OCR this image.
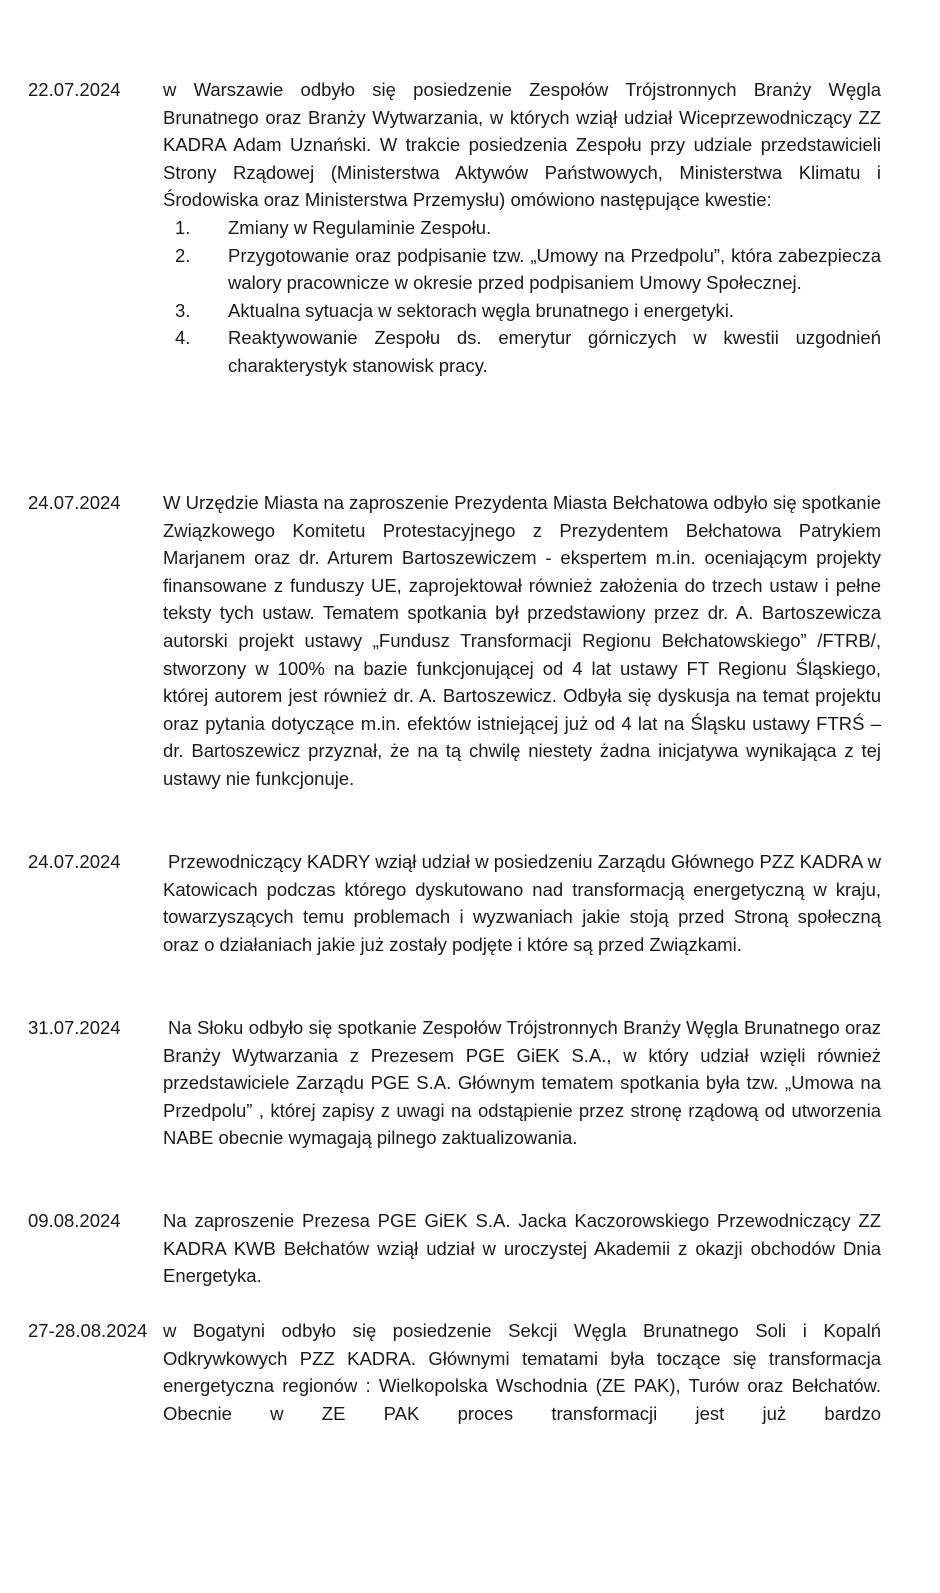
22.07.2024 w Warszawie odbyło się posiedzenie Zespołów Trójstronnych Branży Węgla Brunatnego oraz Branży Wytwarzania, w których wziął udział Wiceprzewodniczący ZZ KADRA Adam Uznański. W trakcie posiedzenia Zespołu przy udziale przedstawicieli Strony Rządowej (Ministerstwa Aktywów Państwowych, Ministerstwa Klimatu i Środowiska oraz Ministerstwa Przemysłu) omówiono następujące kwestie:
1. Zmiany w Regulaminie Zespołu.
2. Przygotowanie oraz podpisanie tzw. „Umowy na Przedpolu”, która zabezpiecza walory pracownicze w okresie przed podpisaniem Umowy Społecznej.
3. Aktualna sytuacja w sektorach węgla brunatnego i energetyki.
4. Reaktywowanie Zespołu ds. emerytur górniczych w kwestii uzgodnień charakterystyk stanowisk pracy.
24.07.2024 W Urzędzie Miasta na zaproszenie Prezydenta Miasta Bełchatowa odbyło się spotkanie Związkowego Komitetu Protestacyjnego z Prezydentem Bełchatowa Patrykiem Marjanem oraz dr. Arturem Bartoszewiczem - ekspertem m.in. oceniającym projekty finansowane z funduszy UE, zaprojektował również założenia do trzech ustaw i pełne teksty tych ustaw. Tematem spotkania był przedstawiony przez dr. A. Bartoszewicza autorski projekt ustawy „Fundusz Transformacji Regionu Bełchatowskiego” /FTRB/, stworzony w 100% na bazie funkcjonującej od 4 lat ustawy FT Regionu Śląskiego, której autorem jest również dr. A. Bartoszewicz. Odbyła się dyskusja na temat projektu oraz pytania dotyczące m.in. efektów istniejącej już od 4 lat na Śląsku ustawy FTRŚ – dr. Bartoszewicz przyznał, że na tą chwilę niestety żadna inicjatywa wynikająca z tej ustawy nie funkcjonuje.
24.07.2024	Przewodniczący KADRY wziął udział w posiedzeniu Zarządu Głównego PZZ KADRA w Katowicach podczas którego dyskutowano nad transformacją energetyczną w kraju, towarzyszących temu problemach i wyzwaniach jakie stoją przed Stroną społeczną oraz o działaniach jakie już zostały podjęte i które są przed Związkami.
31.07.2024	Na Słoku odbyło się spotkanie Zespołów Trójstronnych Branży Węgla Brunatnego oraz Branży Wytwarzania z Prezesem PGE GiEK S.A., w który udział wzięli również przedstawiciele Zarządu PGE S.A. Głównym tematem spotkania była tzw. „Umowa na Przedpolu” , której zapisy z uwagi na odstąpienie przez stronę rządową od utworzenia NABE obecnie wymagają pilnego zaktualizowania.
09.08.2024 Na zaproszenie Prezesa PGE GiEK S.A. Jacka Kaczorowskiego Przewodniczący ZZ KADRA KWB Bełchatów wziął udział w uroczystej Akademii z okazji obchodów Dnia Energetyka.
27-28.08.2024 w Bogatyni odbyło się posiedzenie Sekcji Węgla Brunatnego Soli i Kopalń Odkrywkowych PZZ KADRA. Głównymi tematami była toczące się transformacja energetyczna regionów : Wielkopolska Wschodnia (ZE PAK), Turów oraz Bełchatów. Obecnie w ZE PAK proces transformacji jest już bardzo
